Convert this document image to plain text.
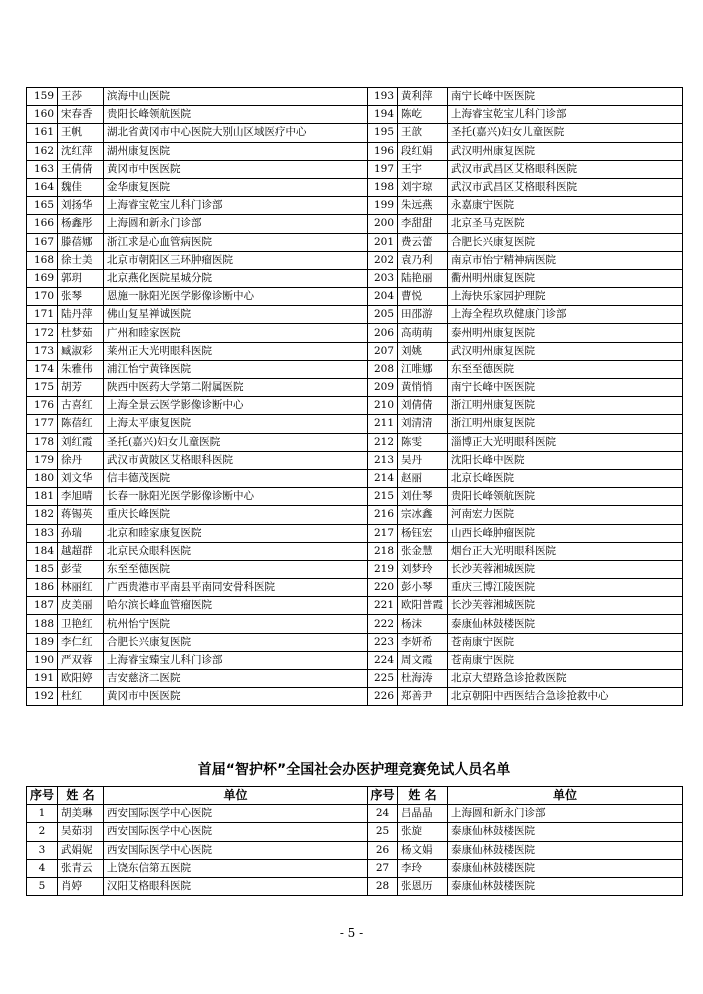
159	王莎	滨海中山医院	193	黄利萍	南宁长峰中医医院
160	宋春香	贵阳长峰领航医院	194	陈屹	上海睿宝乾宝儿科门诊部
161	王帆	湖北省黄冈市中心医院大别山区域医疗中心	195	王歆	圣托(嘉兴)妇女儿童医院
162	沈红萍	湖州康复医院	196	段红娟	武汉明州康复医院
163	王倩倩	黄冈市中医医院	197	王宇	武汉市武昌区艾格眼科医院
164	魏佳	金华康复医院	198	刘宇琼	武汉市武昌区艾格眼科医院
165	刘扬华	上海睿宝乾宝儿科门诊部	199	朱远燕	永嘉康宁医院
166	杨鑫彤	上海圆和新永门诊部	200	李甜甜	北京圣马克医院
167	滕蓓娜	浙江求是心血管病医院	201	费云蕾	合肥长兴康复医院
168	徐士美	北京市朝阳区三环肿瘤医院	202	袁乃利	南京市怡宁精神病医院
169	郭玥	北京燕化医院星城分院	203	陆艳丽	衢州明州康复医院
170	张琴	恩施一脉阳光医学影像诊断中心	204	曹悦	上海快乐家园护理院
171	陆丹萍	佛山复星禅诚医院	205	田邵游	上海全程玖玖健康门诊部
172	杜梦茹	广州和睦家医院	206	高萌萌	泰州明州康复医院
173	臧淑彩	莱州正大光明眼科医院	207	刘姚	武汉明州康复医院
174	朱雅伟	浦江怡宁黄锋医院	208	江唯娜	东至至德医院
175	胡芳	陕西中医药大学第二附属医院	209	黄悄悄	南宁长峰中医医院
176	古喜红	上海全景云医学影像诊断中心	210	刘倩倩	浙江明州康复医院
177	陈蓓红	上海太平康复医院	211	刘清清	浙江明州康复医院
178	刘红霞	圣托(嘉兴)妇女儿童医院	212	陈雯	淄博正大光明眼科医院
179	徐丹	武汉市黄陂区艾格眼科医院	213	吴丹	沈阳长峰中医院
180	刘文华	信丰德茂医院	214	赵丽	北京长峰医院
181	李旭晴	长春一脉阳光医学影像诊断中心	215	刘仕琴	贵阳长峰领航医院
182	蒋锡英	重庆长峰医院	216	宗冰鑫	河南宏力医院
183	孙瑞	北京和睦家康复医院	217	杨钰宏	山西长峰肿瘤医院
184	越超群	北京民众眼科医院	218	张金慧	烟台正大光明眼科医院
185	彭莹	东至至德医院	219	刘梦玲	长沙芙蓉湘城医院
186	林丽红	广西贵港市平南县平南同安骨科医院	220	彭小琴	重庆三博江陵医院
187	皮美丽	哈尔滨长峰血管瘤医院	221	欧阳普霞	长沙芙蓉湘城医院
188	卫艳红	杭州怡宁医院	222	杨沫	泰康仙林鼓楼医院
189	李仁红	合肥长兴康复医院	223	李妍希	苍南康宁医院
190	严双蓉	上海睿宝臻宝儿科门诊部	224	周文霞	苍南康宁医院
191	欧阳婷	吉安慈济二医院	225	杜海涛	北京大望路急诊抢救医院
192	杜红	黄冈市中医医院	226	郑善尹	北京朝阳中西医结合急诊抢救中心
首届“智护杯”全国社会办医护理竞赛免试人员名单
序号	姓 名	单位	序号	姓 名	单位
1	胡美琳	西安国际医学中心医院	24	吕晶晶	上海圆和新永门诊部
2	吴茹羽	西安国际医学中心医院	25	张旋	泰康仙林鼓楼医院
3	武娟妮	西安国际医学中心医院	26	杨文娟	泰康仙林鼓楼医院
4	张青云	上饶东信第五医院	27	李玲	泰康仙林鼓楼医院
5	肖婷	汉阳艾格眼科医院	28	张恩历	泰康仙林鼓楼医院
- 5 -
